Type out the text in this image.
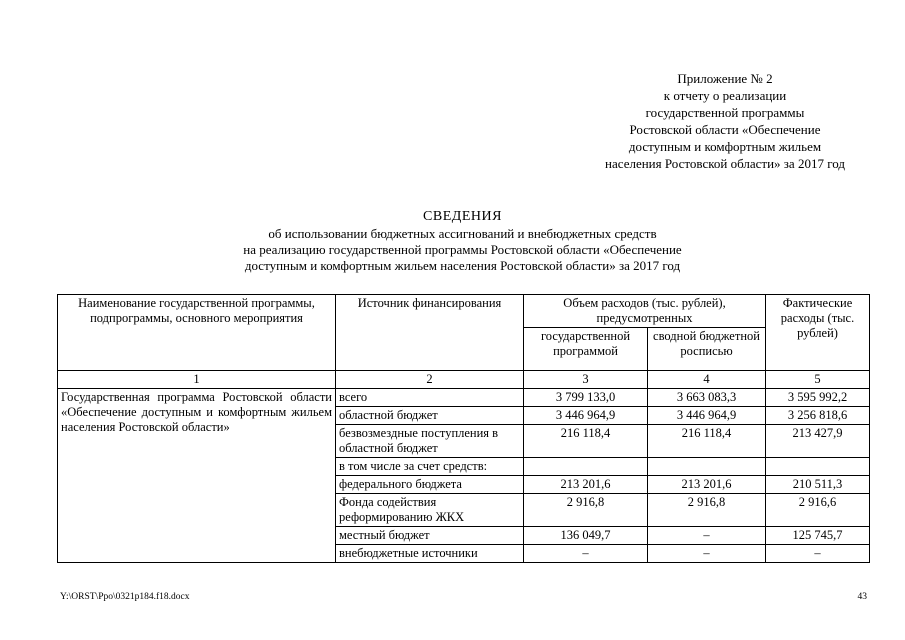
Приложение № 2
к отчету о реализации
государственной программы
Ростовской области «Обеспечение
доступным и комфортным жильем
населения Ростовской области» за 2017 год
СВЕДЕНИЯ
об использовании бюджетных ассигнований и внебюджетных средств
на реализацию государственной программы Ростовской области «Обеспечение
доступным и комфортным жильем населения Ростовской области» за 2017 год
Наименование государственной программы, подпрограммы, основного мероприятия	Источник финансирования	Объем расходов (тыс. рублей), предусмотренных		Фактические расходы (тыс. рублей)
		государственной программой	сводной бюджетной росписью	
1	2	3	4	5
Государственная программа Ростовской области «Обеспечение доступным и комфортным жильем населения Ростовской области»	всего	3 799 133,0	3 663 083,3	3 595 992,2
	областной бюджет	3 446 964,9	3 446 964,9	3 256 818,6
	безвозмездные поступления в областной бюджет	216 118,4	216 118,4	213 427,9
	в том числе за счет средств:			
	федерального бюджета	213 201,6	213 201,6	210 511,3
	Фонда содействия реформированию ЖКХ	2 916,8	2 916,8	2 916,6
	местный бюджет	136 049,7	–	125 745,7
	внебюджетные источники	–	–	–
Y:\ORST\Ppo\0321p184.f18.docx	43
